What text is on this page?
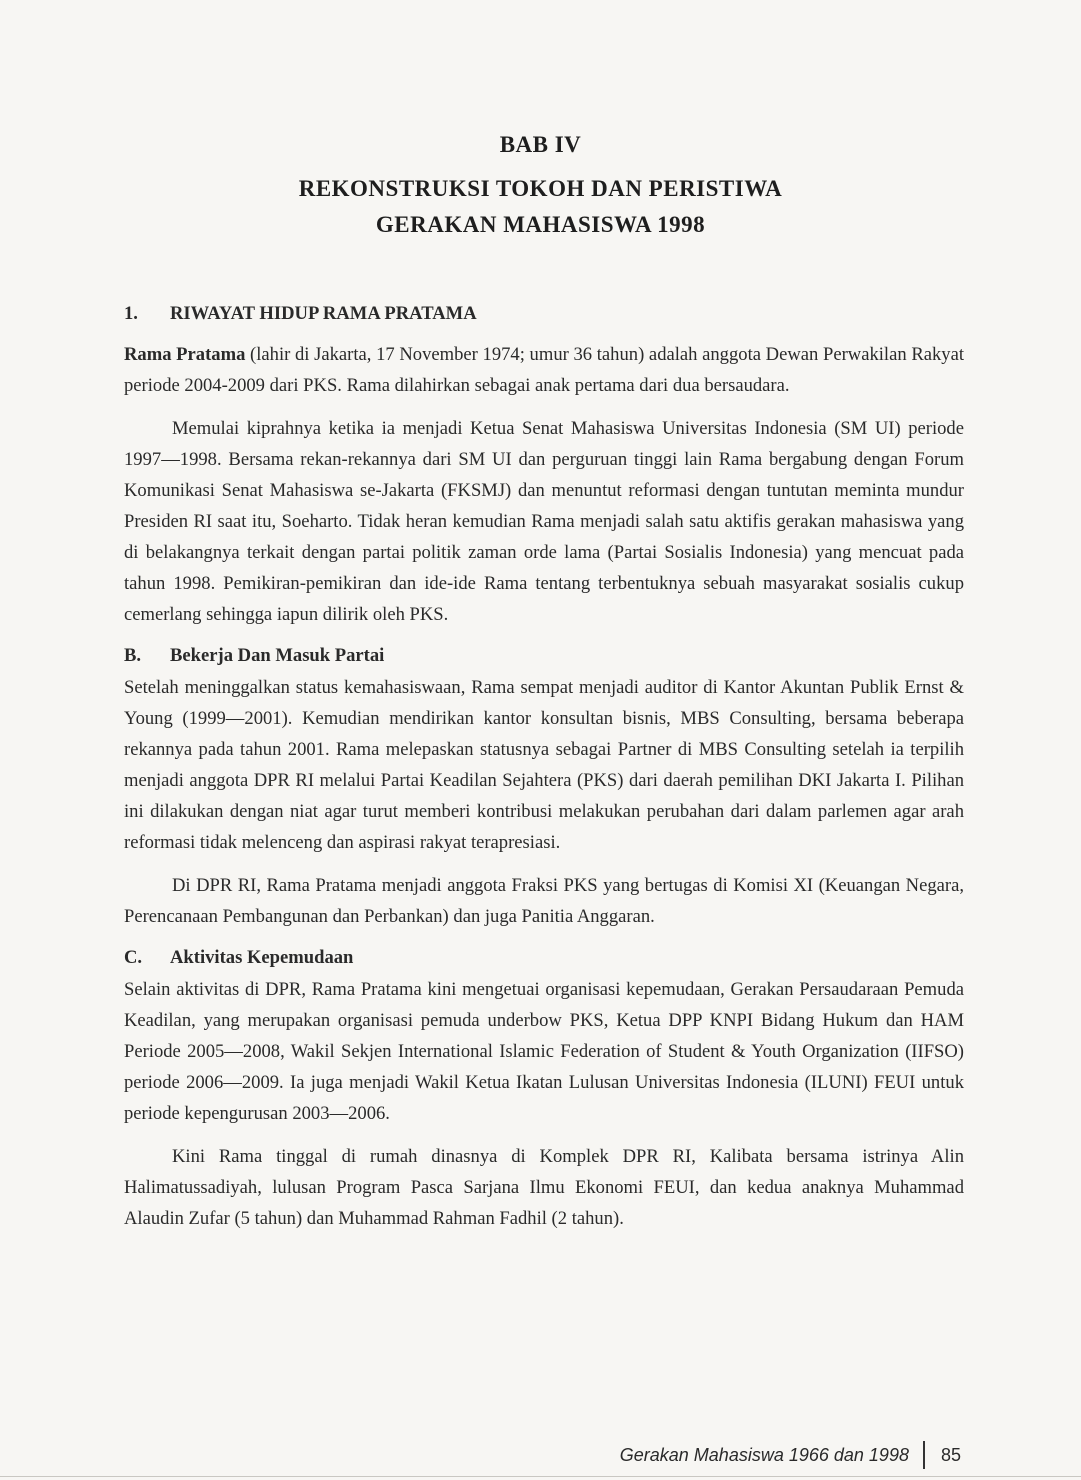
BAB IV
REKONSTRUKSI TOKOH DAN PERISTIWA
GERAKAN MAHASISWA 1998
1.	RIWAYAT HIDUP RAMA PRATAMA

Rama Pratama (lahir di Jakarta, 17 November 1974; umur 36 tahun) adalah anggota Dewan Perwakilan Rakyat periode 2004-2009 dari PKS. Rama dilahirkan sebagai anak pertama dari dua bersaudara.

Memulai kiprahnya ketika ia menjadi Ketua Senat Mahasiswa Universitas Indonesia (SM UI) periode 1997—1998. Bersama rekan-rekannya dari SM UI dan perguruan tinggi lain Rama bergabung dengan Forum Komunikasi Senat Mahasiswa se-Jakarta (FKSMJ) dan menuntut reformasi dengan tuntutan meminta mundur Presiden RI saat itu, Soeharto. Tidak heran kemudian Rama menjadi salah satu aktifis gerakan mahasiswa yang di belakangnya terkait dengan partai politik zaman orde lama (Partai Sosialis Indonesia) yang mencuat pada tahun 1998. Pemikiran-pemikiran dan ide-ide Rama tentang terbentuknya sebuah masyarakat sosialis cukup cemerlang sehingga iapun dilirik oleh PKS.

B.	Bekerja Dan Masuk Partai

Setelah meninggalkan status kemahasiswaan, Rama sempat menjadi auditor di Kantor Akuntan Publik Ernst & Young (1999—2001). Kemudian mendirikan kantor konsultan bisnis, MBS Consulting, bersama beberapa rekannya pada tahun 2001. Rama melepaskan statusnya sebagai Partner di MBS Consulting setelah ia terpilih menjadi anggota DPR RI melalui Partai Keadilan Sejahtera (PKS) dari daerah pemilihan DKI Jakarta I. Pilihan ini dilakukan dengan niat agar turut memberi kontribusi melakukan perubahan dari dalam parlemen agar arah reformasi tidak melenceng dan aspirasi rakyat terapresiasi.

Di DPR RI, Rama Pratama menjadi anggota Fraksi PKS yang bertugas di Komisi XI (Keuangan Negara, Perencanaan Pembangunan dan Perbankan) dan juga Panitia Anggaran.

C.	Aktivitas Kepemudaan

Selain aktivitas di DPR, Rama Pratama kini mengetuai organisasi kepemudaan, Gerakan Persaudaraan Pemuda Keadilan, yang merupakan organisasi pemuda underbow PKS, Ketua DPP KNPI Bidang Hukum dan HAM Periode 2005—2008, Wakil Sekjen International Islamic Federation of Student & Youth Organization (IIFSO) periode 2006—2009. Ia juga menjadi Wakil Ketua Ikatan Lulusan Universitas Indonesia (ILUNI) FEUI untuk periode kepengurusan 2003—2006.

Kini Rama tinggal di rumah dinasnya di Komplek DPR RI, Kalibata bersama istrinya Alin Halimatussadiyah, lulusan Program Pasca Sarjana Ilmu Ekonomi FEUI, dan kedua anaknya Muhammad Alaudin Zufar (5 tahun) dan Muhammad Rahman Fadhil (2 tahun).

Gerakan Mahasiswa 1966 dan 1998 85
